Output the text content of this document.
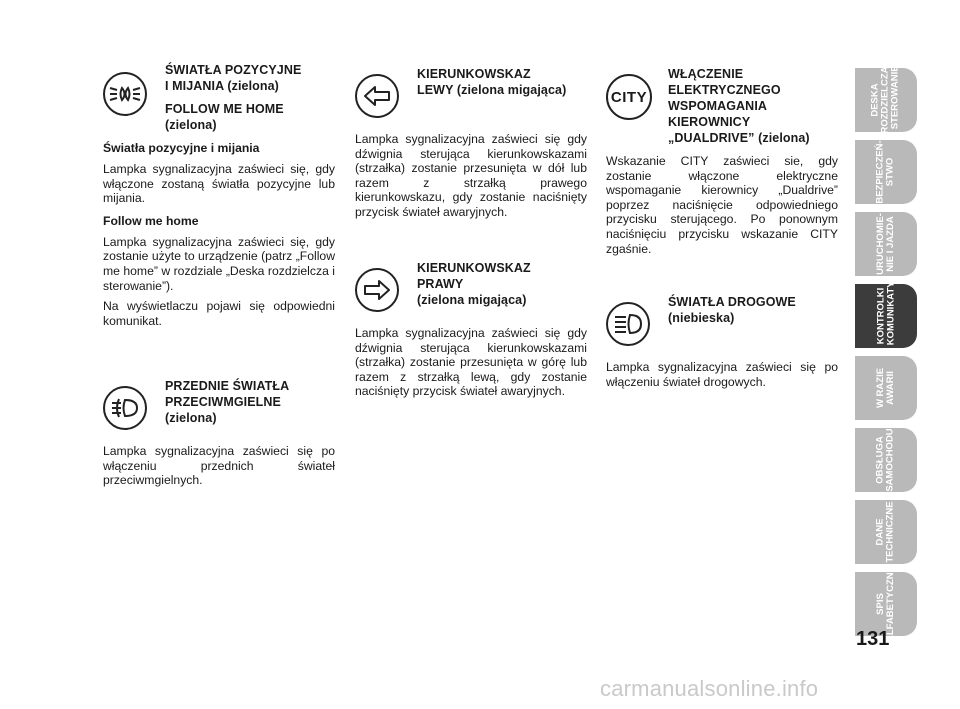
ŚWIATŁA POZYCYJNE
I MIJANIA (zielona)
FOLLOW ME HOME
(zielona)
Światła pozycyjne i mijania
Lampka sygnalizacyjna zaświeci się, gdy włączone zostaną światła pozycyjne lub mijania.
Follow me home
Lampka sygnalizacyjna zaświeci się, gdy zostanie użyte to urządzenie (patrz „Follow me home” w rozdziale „Deska rozdzielcza i sterowanie”).
Na wyświetlaczu pojawi się odpowiedni komunikat.
PRZEDNIE ŚWIATŁA
PRZECIWMGIELNE
(zielona)
Lampka sygnalizacyjna zaświeci się po włączeniu przednich świateł przeciwmgielnych.
KIERUNKOWSKAZ
LEWY (zielona migająca)
Lampka sygnalizacyjna zaświeci się gdy dźwignia sterująca kierunkowskazami (strzałka) zostanie przesunięta w dół lub razem z strzałką prawego kierunkowskazu, gdy zostanie naciśnięty przycisk świateł awaryjnych.
KIERUNKOWSKAZ
PRAWY
(zielona migająca)
Lampka sygnalizacyjna zaświeci się gdy dźwignia sterująca kierunkowskazami (strzałka) zostanie przesunięta w górę lub razem z strzałką lewą, gdy zostanie naciśnięty przycisk świateł awaryjnych.
CITY
WŁĄCZENIE
ELEKTRYCZNEGO
WSPOMAGANIA
KIEROWNICY
„DUALDRIVE” (zielona)
Wskazanie CITY zaświeci sie, gdy zostanie włączone elektryczne wspomaganie kierownicy „Dualdrive” poprzez naciśnięcie odpowiedniego przycisku sterującego. Po ponownym naciśnięciu przycisku wskazanie CITY zgaśnie.
ŚWIATŁA DROGOWE
(niebieska)
Lampka sygnalizacyjna zaświeci się po włączeniu świateł drogowych.
DESKA ROZDZIELCZA I STEROWANIE
BEZPIECZEŃ- STWO
URUCHOMIE- NIE I JAZDA
KONTROLKI I KOMUNIKATY
W RAZIE AWARII
OBSŁUGA SAMOCHODU
DANE TECHNICZNE
SPIS ALFABETYCZNY
131
carmanualsonline.info
